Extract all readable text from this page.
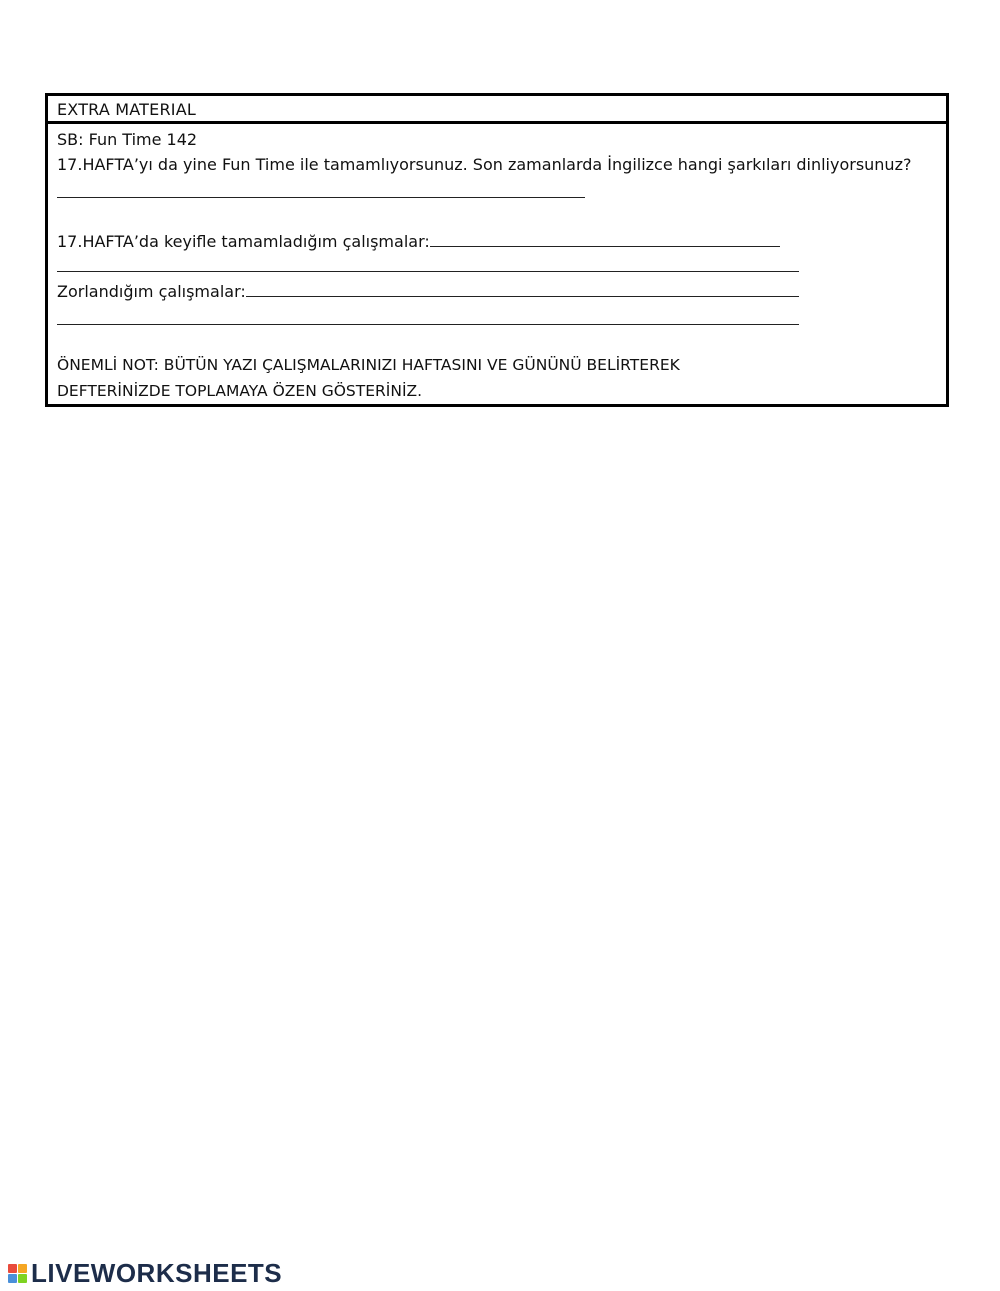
EXTRA MATERIAL
SB: Fun Time 142
17.HAFTA’yı da yine Fun Time ile tamamlıyorsunuz. Son zamanlarda İngilizce hangi şarkıları dinliyorsunuz?
17.HAFTA’da keyifle tamamladığım çalışmalar:
Zorlandığım çalışmalar:
ÖNEMLİ NOT: BÜTÜN YAZI ÇALIŞMALARINIZI HAFTASINI VE GÜNÜNÜ BELİRTEREK
DEFTERİNİZDE TOPLAMAYA ÖZEN GÖSTERİNİZ.
LIVEWORKSHEETS
